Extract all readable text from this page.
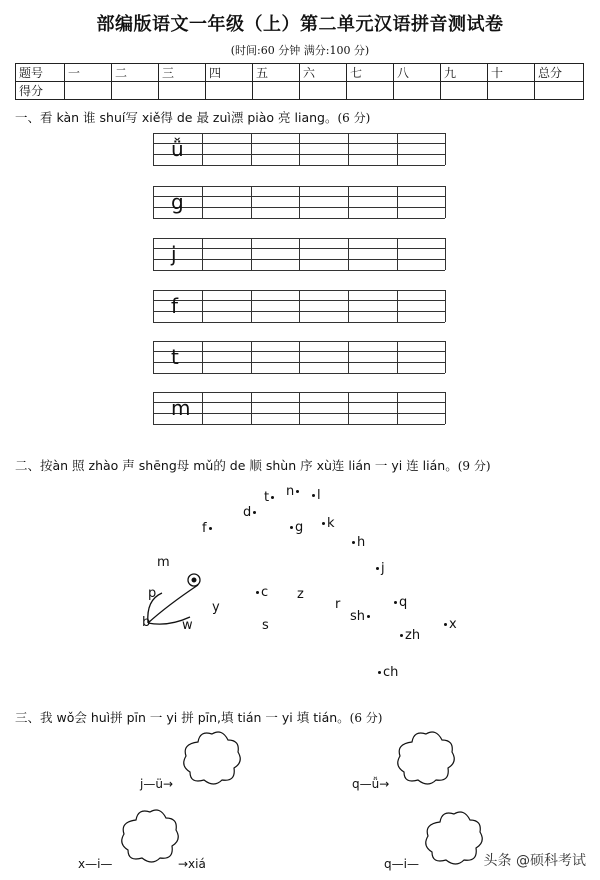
部编版语文一年级（上）第二单元汉语拼音测试卷
(时间:60 分钟 满分:100 分)
题号	一	二	三	四	五	六	七	八	九	十	总分
得分											
一、看 kàn 谁 shuí写 xiě得 de 最 zuì漂 piào 亮 liang。(6 分)
ǚ
g
j
f
t
m
二、按àn 照 zhào 声 shēng母 mǔ的 de 顺 shùn 序 xù连 lián 一 yi 连 lián。(9 分)
t	n	l
d
g	k
f
h
j
m
p	c z
r	q
y
b w	s
sh
zh
x
ch
三、我 wǒ会 huì拼 pīn 一 yi 拼 pīn,填 tián 一 yi 填 tián。(6 分)
j—ü→	q—ǚ→
x—i—	→xiá	q—i—	头条 @硕科考试
